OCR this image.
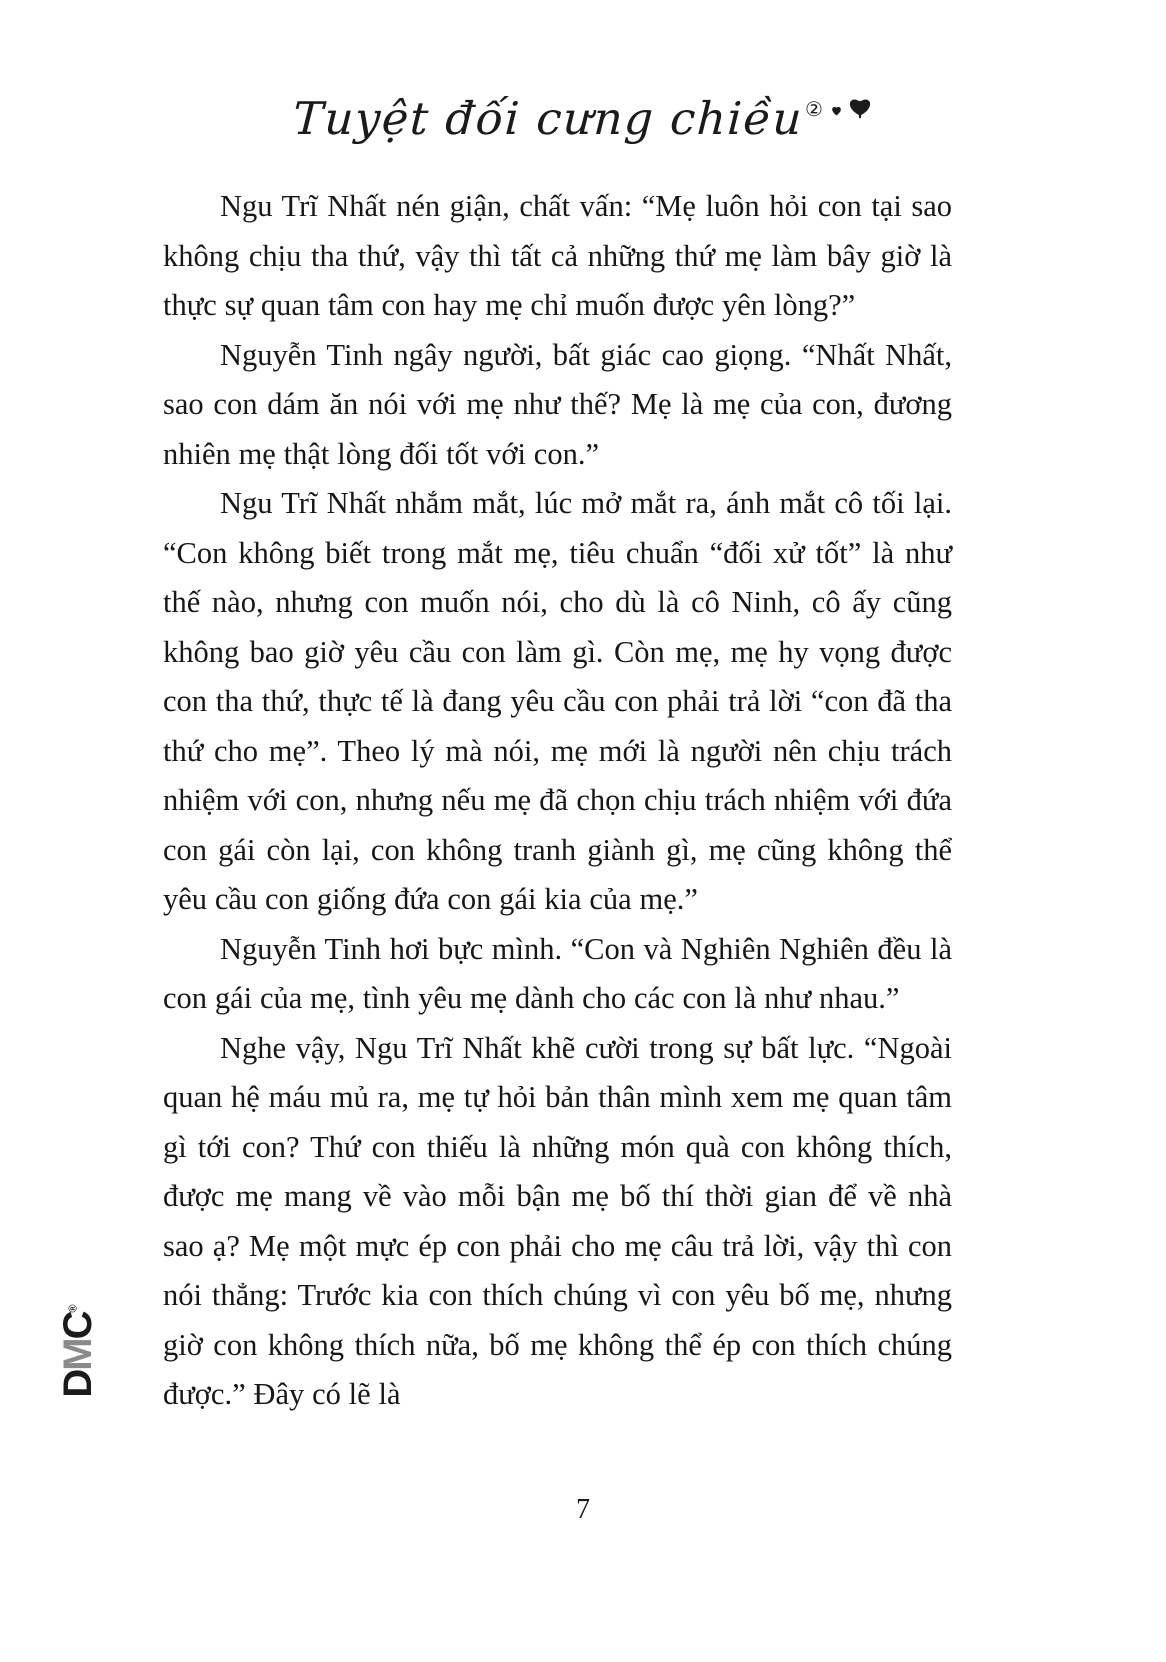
Tuyệt đối cưng chiều②

Ngu Trĩ Nhất nén giận, chất vấn: “Mẹ luôn hỏi con tại sao không chịu tha thứ, vậy thì tất cả những thứ mẹ làm bây giờ là thực sự quan tâm con hay mẹ chỉ muốn được yên lòng?”

Nguyễn Tinh ngây người, bất giác cao giọng. “Nhất Nhất, sao con dám ăn nói với mẹ như thế? Mẹ là mẹ của con, đương nhiên mẹ thật lòng đối tốt với con.”

Ngu Trĩ Nhất nhắm mắt, lúc mở mắt ra, ánh mắt cô tối lại. “Con không biết trong mắt mẹ, tiêu chuẩn “đối xử tốt” là như thế nào, nhưng con muốn nói, cho dù là cô Ninh, cô ấy cũng không bao giờ yêu cầu con làm gì. Còn mẹ, mẹ hy vọng được con tha thứ, thực tế là đang yêu cầu con phải trả lời “con đã tha thứ cho mẹ”. Theo lý mà nói, mẹ mới là người nên chịu trách nhiệm với con, nhưng nếu mẹ đã chọn chịu trách nhiệm với đứa con gái còn lại, con không tranh giành gì, mẹ cũng không thể yêu cầu con giống đứa con gái kia của mẹ.”

Nguyễn Tinh hơi bực mình. “Con và Nghiên Nghiên đều là con gái của mẹ, tình yêu mẹ dành cho các con là như nhau.”

Nghe vậy, Ngu Trĩ Nhất khẽ cười trong sự bất lực. “Ngoài quan hệ máu mủ ra, mẹ tự hỏi bản thân mình xem mẹ quan tâm gì tới con? Thứ con thiếu là những món quà con không thích, được mẹ mang về vào mỗi bận mẹ bố thí thời gian để về nhà sao ạ? Mẹ một mực ép con phải cho mẹ câu trả lời, vậy thì con nói thẳng: Trước kia con thích chúng vì con yêu bố mẹ, nhưng giờ con không thích nữa, bố mẹ không thể ép con thích chúng được.” Đây có lẽ là

DMC®
7
